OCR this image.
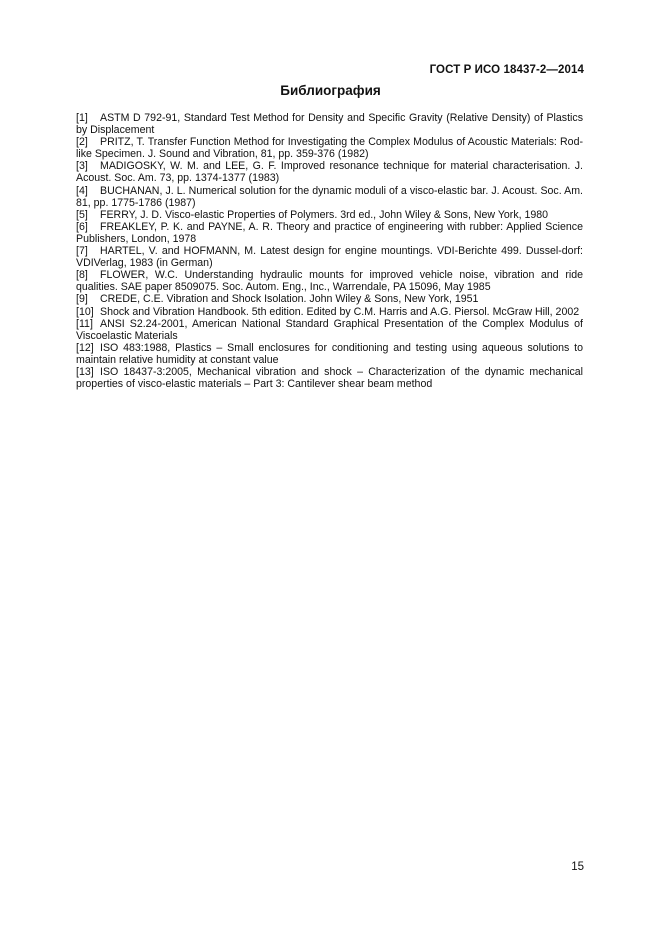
ГОСТ Р ИСО 18437-2—2014
Библиография
[1] ASTM D 792-91, Standard Test Method for Density and Specific Gravity (Relative Density) of Plastics by Displacement
[2] PRITZ, T. Transfer Function Method for Investigating the Complex Modulus of Acoustic Materials: Rod-like Specimen. J. Sound and Vibration, 81, pp. 359-376 (1982)
[3] MADIGOSKY, W. M. and LEE, G. F. Improved resonance technique for material characterisation. J. Acoust. Soc. Am. 73, pp. 1374-1377 (1983)
[4] BUCHANAN, J. L. Numerical solution for the dynamic moduli of a visco-elastic bar. J. Acoust. Soc. Am. 81, pp. 1775-1786 (1987)
[5] FERRY, J. D. Visco-elastic Properties of Polymers. 3rd ed., John Wiley & Sons, New York, 1980
[6] FREAKLEY, P. K. and PAYNE, A. R. Theory and practice of engineering with rubber: Applied Science Publishers, London, 1978
[7] HARTEL, V. and HOFMANN, M. Latest design for engine mountings. VDI-Berichte 499. Dussel-dorf: VDIVerlag, 1983 (in German)
[8] FLOWER, W.C. Understanding hydraulic mounts for improved vehicle noise, vibration and ride qualities. SAE paper 8509075. Soc. Autom. Eng., Inc., Warrendale, PA 15096, May 1985
[9] CREDE, C.E. Vibration and Shock Isolation. John Wiley & Sons, New York, 1951
[10] Shock and Vibration Handbook. 5th edition. Edited by C.M. Harris and A.G. Piersol. McGraw Hill, 2002
[11] ANSI S2.24-2001, American National Standard Graphical Presentation of the Complex Modulus of Viscoelastic Materials
[12] ISO 483:1988, Plastics – Small enclosures for conditioning and testing using aqueous solutions to maintain relative humidity at constant value
[13] ISO 18437-3:2005, Mechanical vibration and shock – Characterization of the dynamic mechanical properties of visco-elastic materials – Part 3: Cantilever shear beam method
15
